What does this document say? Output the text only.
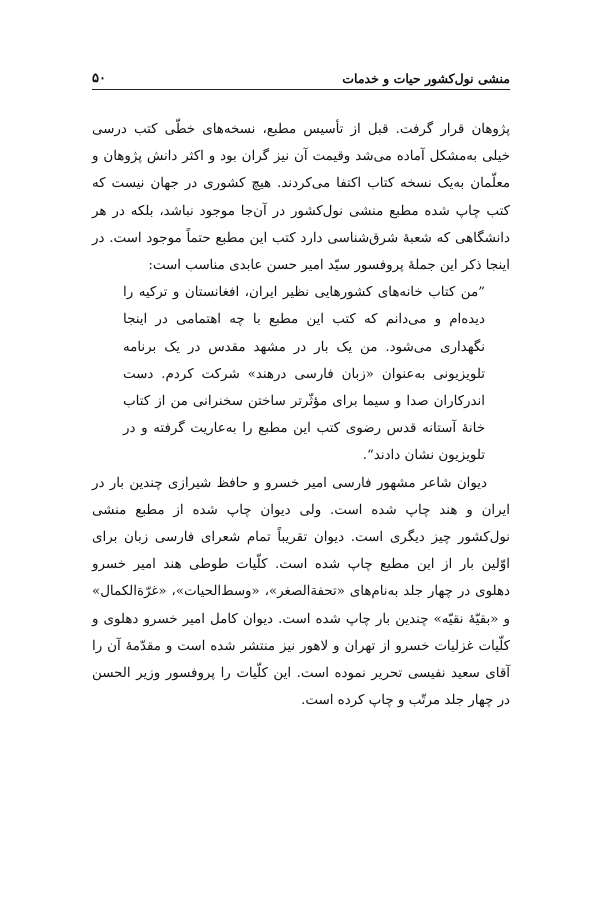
منشی نول‌کشور حیات و خدمات
۵۰

پژوهان قرار گرفت. قبل از تأسیس مطبع، نسخه‌های خطّی کتب درسی خیلی به‌مشکل آماده می‌شد وقیمت آن نیز گران بود و اکثر دانش پژوهان و معلّمان به‌یک نسخه کتاب اکتفا می‌کردند. هیچ کشوری در جهان نیست که کتب چاپ شده مطبع منشی نول‌کشور در آن‌جا موجود نباشد، بلکه در هر دانشگاهی که شعبهٔ شرق‌شناسی دارد کتب این مطبع حتماً موجود است. در اینجا ذکر این جملهٔ پروفسور سیّد امیر حسن عابدی مناسب است:

”من کتاب خانه‌های کشورهایی نظیر ایران، افغانستان و ترکیه را دیده‌ام و می‌دانم که کتب این مطبع با چه اهتمامی در اینجا نگهداری می‌شود. من یک بار در مشهد مقدس در یک برنامه تلویزیونی به‌عنوان «زبان فارسی درهند» شرکت کردم. دست اندرکاران صدا و سیما برای مؤثّرتر ساختن سخنرانی من از کتاب خانهٔ آستانه قدس رضوی کتب این مطبع را به‌عاریت گرفته و در تلویزیون نشان دادند“.

دیوان شاعر مشهور فارسی امیر خسرو و حافظ شیرازی چندین بار در ایران و هند چاپ شده است. ولی دیوان چاپ شده از مطبع منشی نول‌کشور چیز دیگری است. دیوان تقریباً تمام شعرای فارسی زبان برای اوّلین بار از این مطبع چاپ شده است. کلّیات طوطی هند امیر خسرو دهلوی در چهار جلد به‌نام‌های «تحفة‌الصغر»، «وسط‌الحیات»، «غرّة‌الکمال» و «بقیّهٔ نقیّه» چندین بار چاپ شده است. دیوان کامل امیر خسرو دهلوی و کلّیات غزلیات خسرو از تهران و لاهور نیز منتشر شده است و مقدّمهٔ آن را آقای سعید نفیسی تحریر نموده است. این کلّیات را پروفسور وزیر الحسن در چهار جلد مرتّب و چاپ کرده است.
